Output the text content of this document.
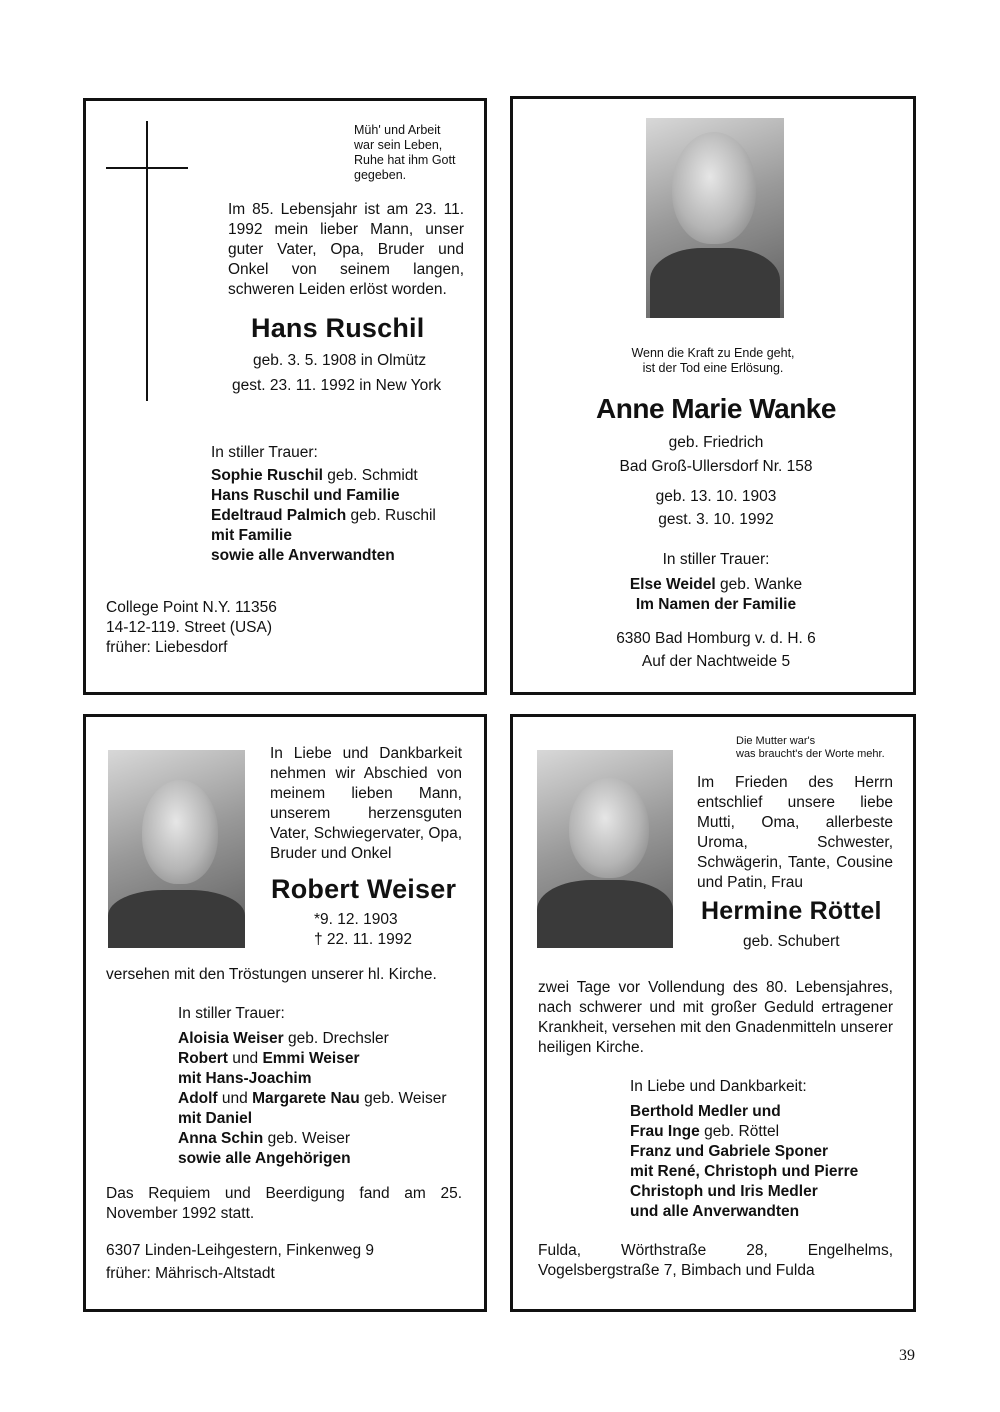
Müh' und Arbeit
war sein Leben,
Ruhe hat ihm Gott
gegeben.
Im 85. Lebensjahr ist am 23. 11. 1992 mein lieber Mann, unser guter Vater, Opa, Bruder und Onkel von seinem langen, schweren Leiden erlöst worden.
Hans Ruschil
geb. 3. 5. 1908 in Olmütz
gest. 23. 11. 1992 in New York
In stiller Trauer:
Sophie Ruschil geb. Schmidt
Hans Ruschil und Familie
Edeltraud Palmich geb. Ruschil
mit Familie
sowie alle Anverwandten
College Point N.Y. 11356
14-12-119. Street (USA)
früher: Liebesdorf
Wenn die Kraft zu Ende geht,
ist der Tod eine Erlösung.
Anne Marie Wanke
geb. Friedrich
Bad Groß-Ullersdorf Nr. 158
geb. 13. 10. 1903
gest. 3. 10. 1992
In stiller Trauer:
Else Weidel geb. Wanke
Im Namen der Familie
6380 Bad Homburg v. d. H. 6
Auf der Nachtweide 5
In Liebe und Dankbarkeit nehmen wir Abschied von meinem lieben Mann, unserem herzensguten Vater, Schwiegervater, Opa, Bruder und Onkel
Robert Weiser
*9. 12. 1903
† 22. 11. 1992
versehen mit den Tröstungen unserer hl. Kirche.
In stiller Trauer:
Aloisia Weiser geb. Drechsler
Robert und Emmi Weiser
mit Hans-Joachim
Adolf und Margarete Nau geb. Weiser
mit Daniel
Anna Schin geb. Weiser
sowie alle Angehörigen
Das Requiem und Beerdigung fand am 25. November 1992 statt.
6307 Linden-Leihgestern, Finkenweg 9
früher: Mährisch-Altstadt
Die Mutter war's
was braucht's der Worte mehr.
Im Frieden des Herrn entschlief unsere liebe Mutti, Oma, allerbeste Uroma, Schwester, Schwägerin, Tante, Cousine und Patin, Frau
Hermine Röttel
geb. Schubert
zwei Tage vor Vollendung des 80. Lebensjahres, nach schwerer und mit großer Geduld ertragener Krankheit, versehen mit den Gnadenmitteln unserer heiligen Kirche.
In Liebe und Dankbarkeit:
Berthold Medler und
Frau Inge geb. Röttel
Franz und Gabriele Sponer
mit René, Christoph und Pierre
Christoph und Iris Medler
und alle Anverwandten
Fulda, Wörthstraße 28, Engelhelms, Vogelsbergstraße 7, Bimbach und Fulda
39
